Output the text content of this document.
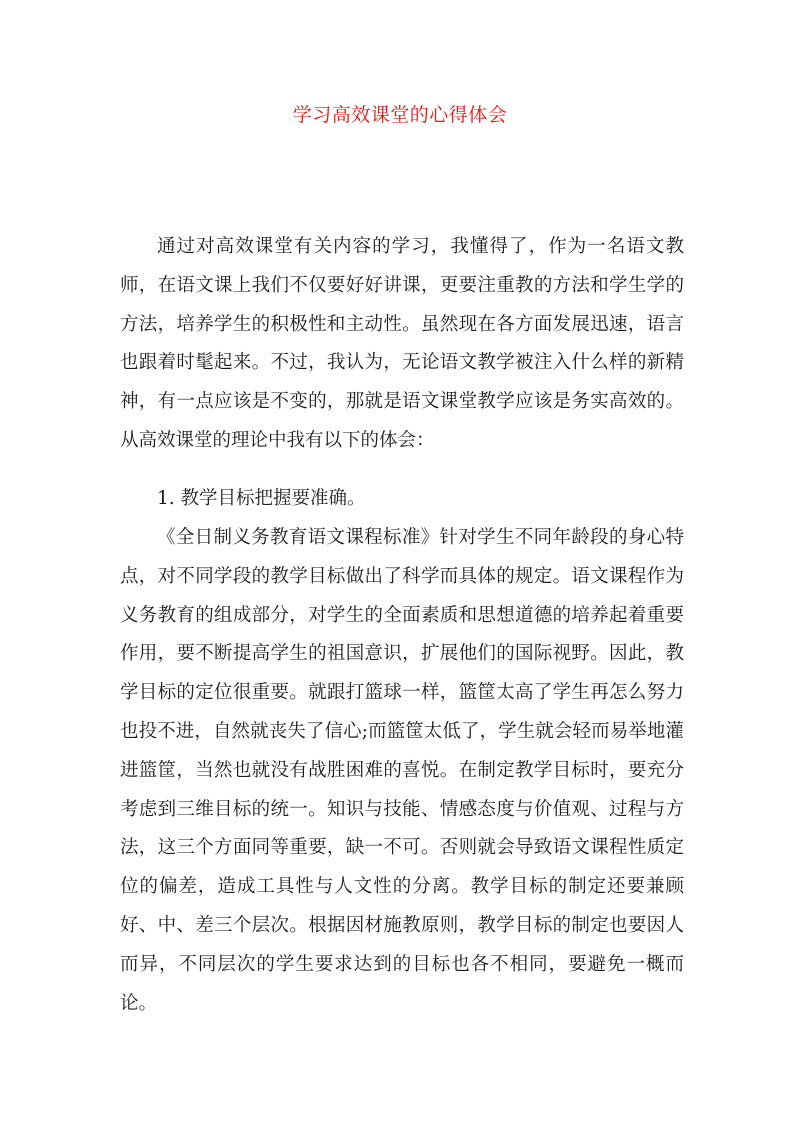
学习高效课堂的心得体会

通过对高效课堂有关内容的学习，我懂得了，作为一名语文教师，在语文课上我们不仅要好好讲课，更要注重教的方法和学生学的方法，培养学生的积极性和主动性。虽然现在各方面发展迅速，语言也跟着时髦起来。不过，我认为，无论语文教学被注入什么样的新精神，有一点应该是不变的，那就是语文课堂教学应该是务实高效的。从高效课堂的理论中我有以下的体会：

1. 教学目标把握要准确。

《全日制义务教育语文课程标准》针对学生不同年龄段的身心特点，对不同学段的教学目标做出了科学而具体的规定。语文课程作为义务教育的组成部分，对学生的全面素质和思想道德的培养起着重要作用，要不断提高学生的祖国意识，扩展他们的国际视野。因此，教学目标的定位很重要。就跟打篮球一样，篮筐太高了学生再怎么努力也投不进，自然就丧失了信心;而篮筐太低了，学生就会轻而易举地灌进篮筐，当然也就没有战胜困难的喜悦。在制定教学目标时，要充分考虑到三维目标的统一。知识与技能、情感态度与价值观、过程与方法，这三个方面同等重要，缺一不可。否则就会导致语文课程性质定位的偏差，造成工具性与人文性的分离。教学目标的制定还要兼顾好、中、差三个层次。根据因材施教原则，教学目标的制定也要因人而异，不同层次的学生要求达到的目标也各不相同，要避免一概而论。
